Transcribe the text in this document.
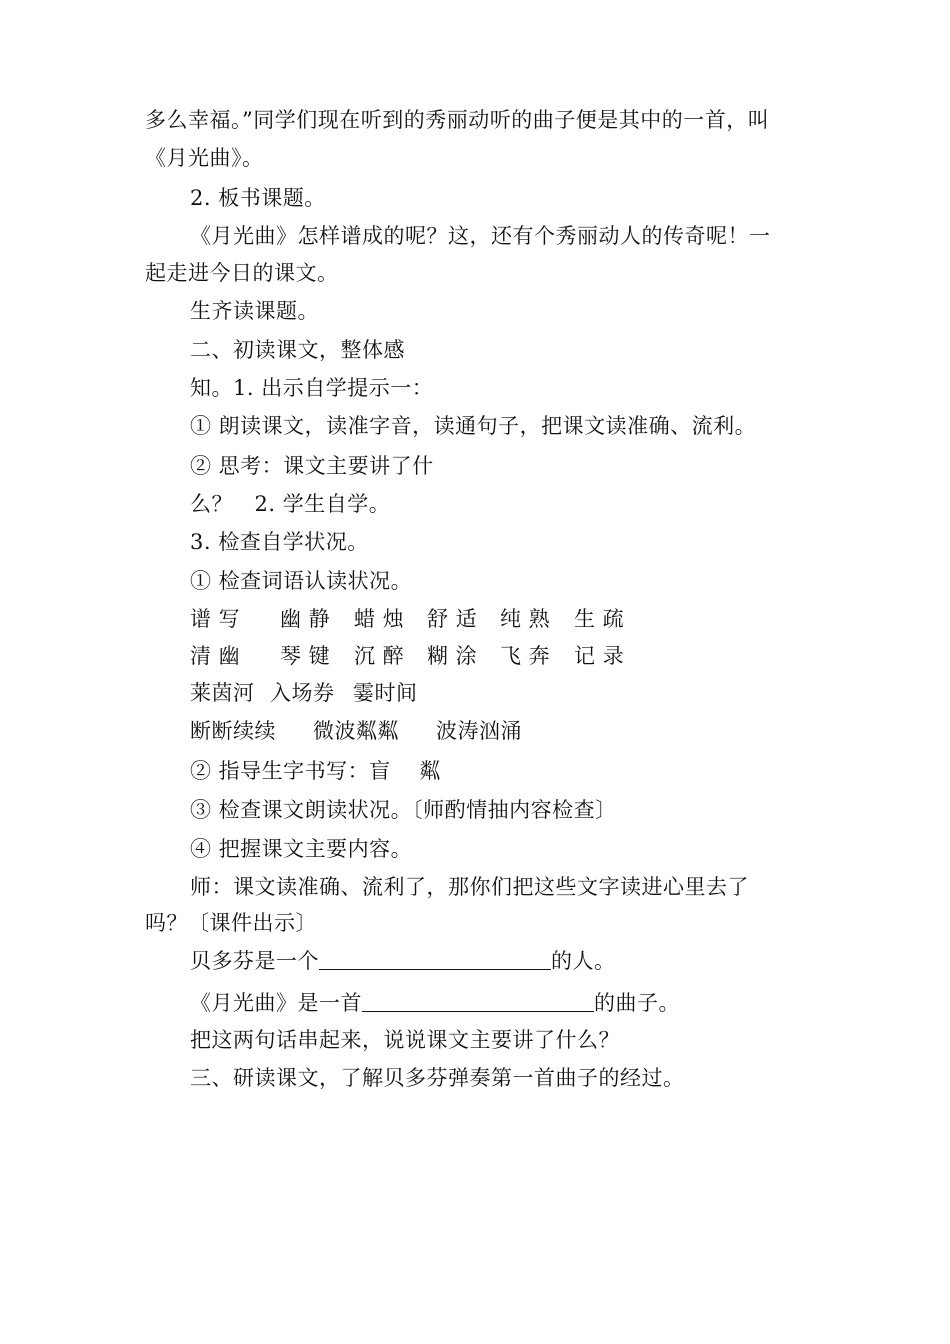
多么幸福。”同学们现在听到的秀丽动听的曲子便是其中的一首，叫
《月光曲》。
2. 板书课题。
《月光曲》怎样谱成的呢？这，还有个秀丽动人的传奇呢！一
起走进今日的课文。
生齐读课题。
二、初读课文，整体感
知。1. 出示自学提示一：
① 朗读课文，读准字音，读通句子，把课文读准确、流利。
② 思考：课文主要讲了什
么？　2. 学生自学。
3. 检查自学状况。
① 检查词语认读状况。
谱 写 幽 静 蜡 烛 舒 适 纯 熟 生 疏
清 幽 琴 键 沉 醉 糊 涂 飞 奔 记 录
莱茵河 入场券 霎时间
断断续续 微波粼粼 波涛汹涌
② 指导生字书写：盲　 粼
③ 检查课文朗读状况。〔师酌情抽内容检查〕
④ 把握课文主要内容。
师：课文读准确、流利了，那你们把这些文字读进心里去了
吗？〔课件出示〕
贝多芬是一个	的人。
《月光曲》是一首	的曲子。
把这两句话串起来，说说课文主要讲了什么？
三、研读课文，了解贝多芬弹奏第一首曲子的经过。
